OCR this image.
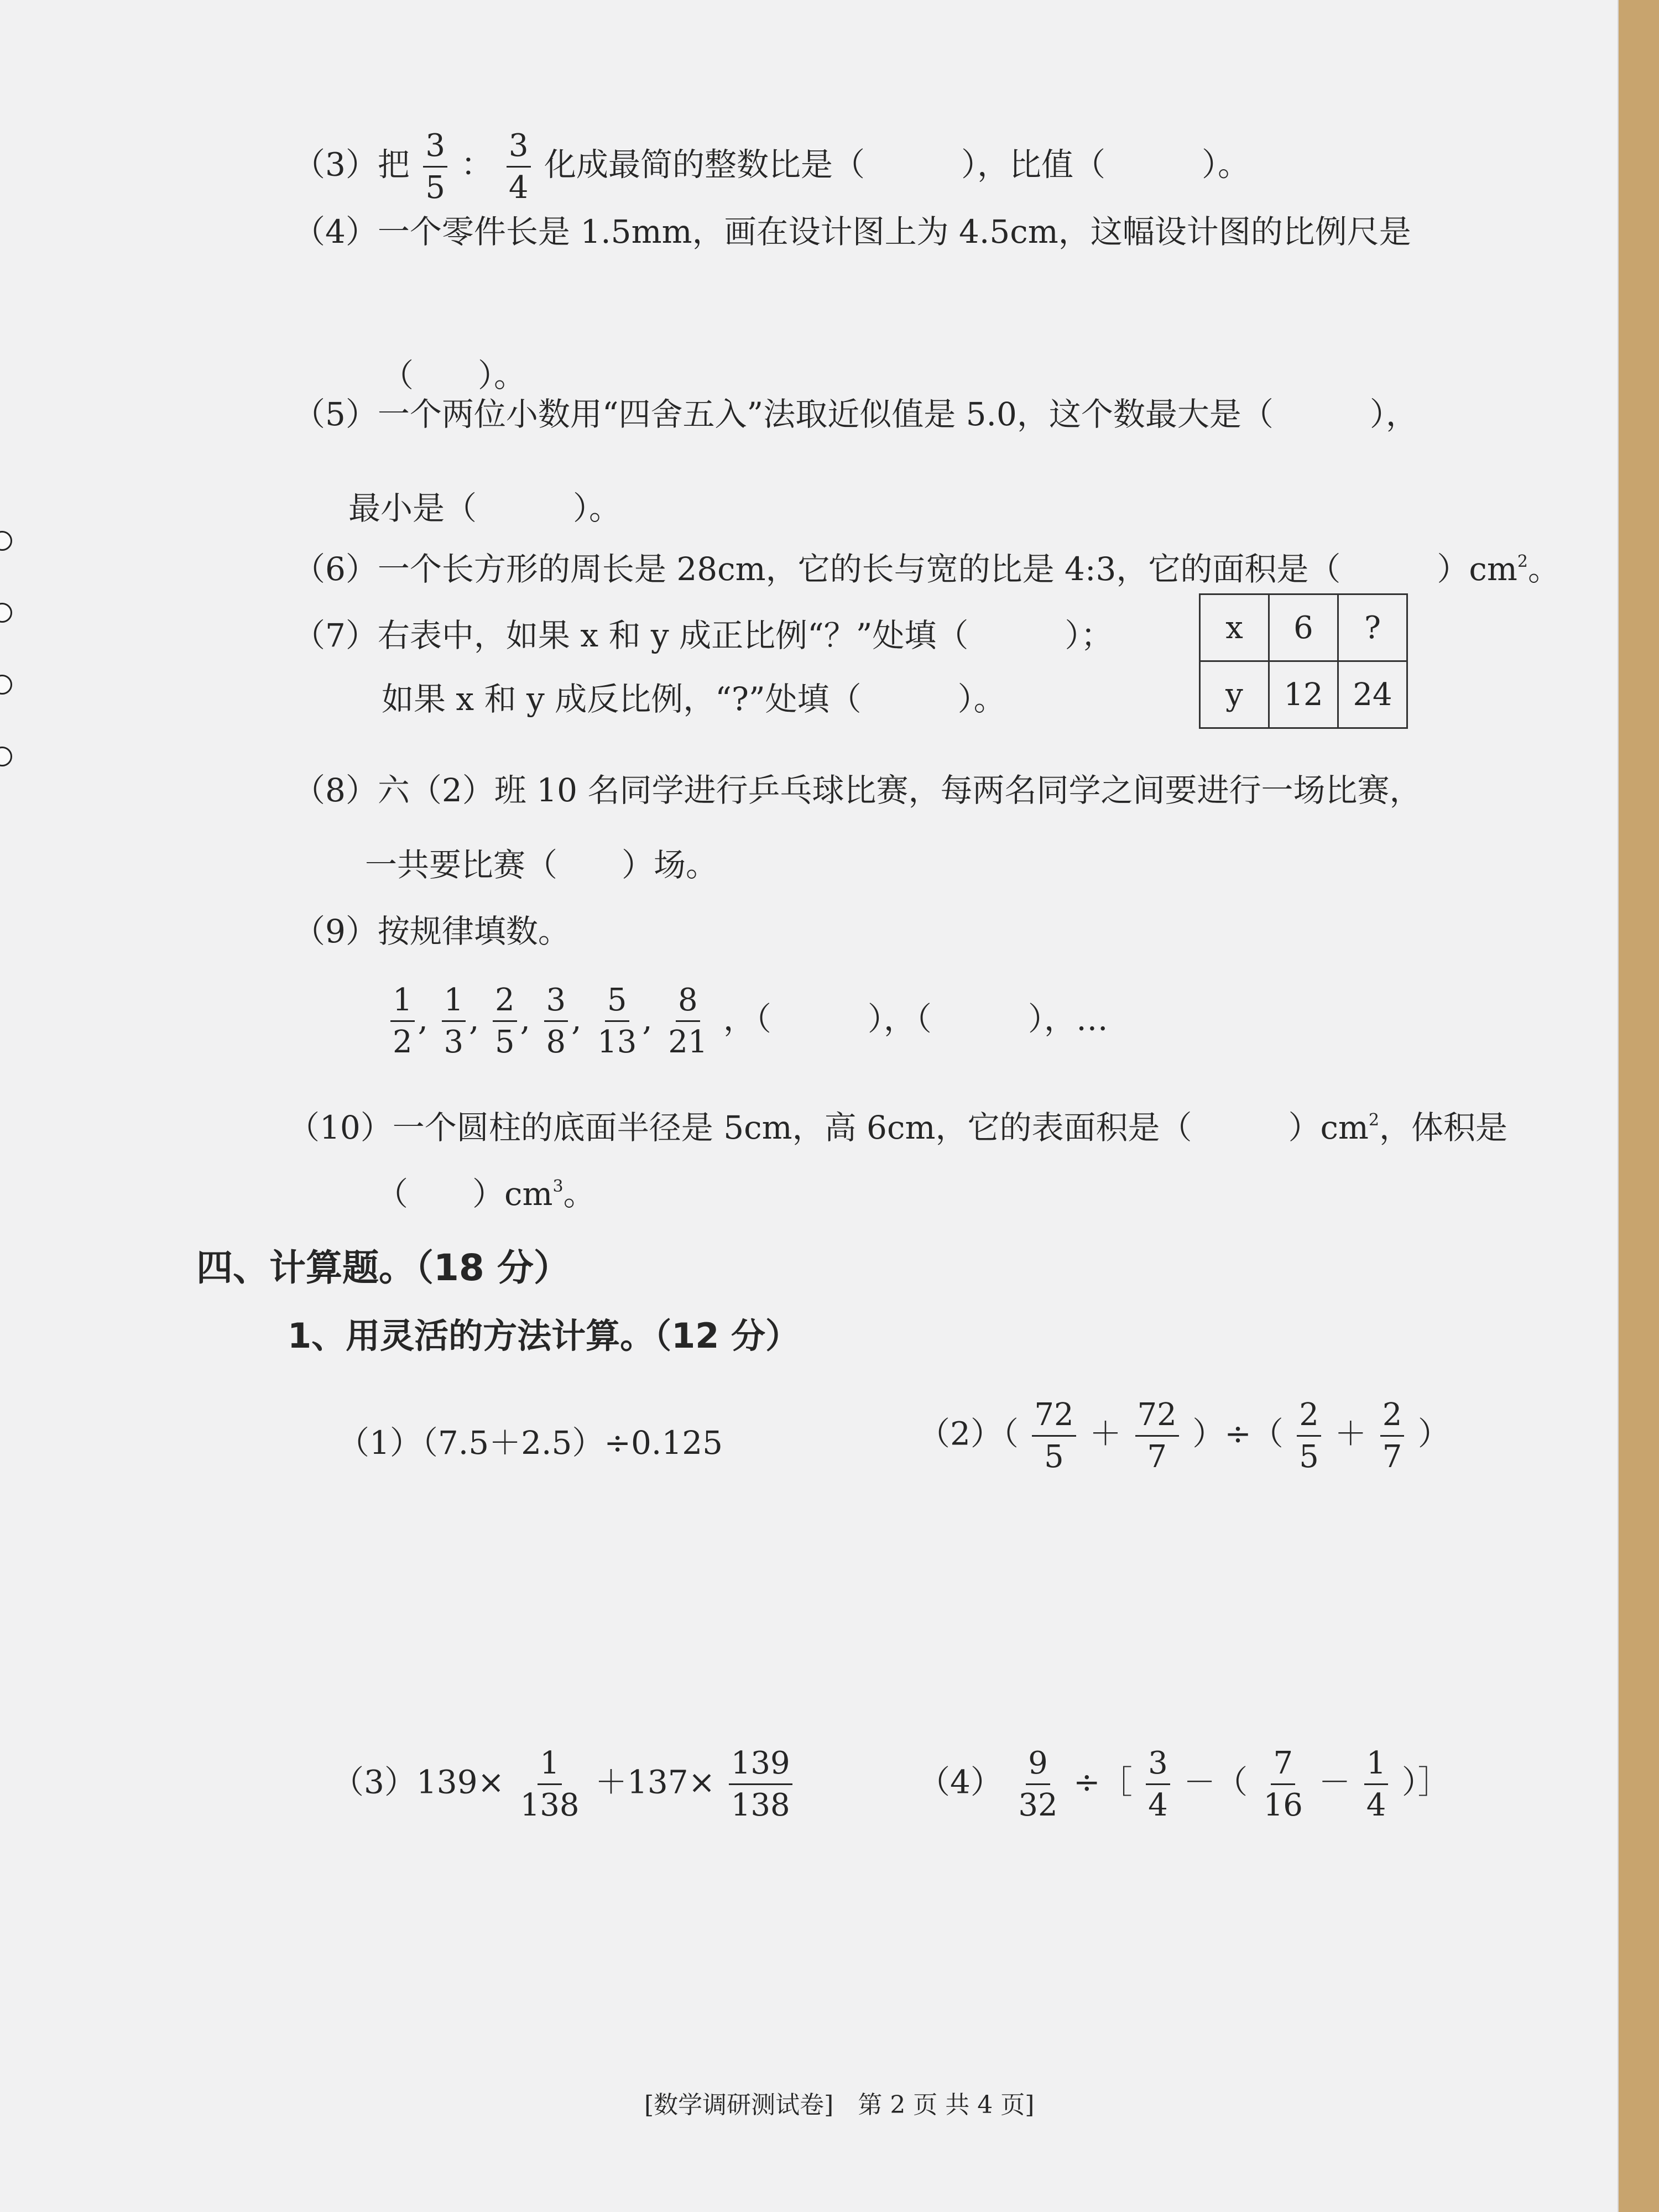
（3）把 $\frac{3}{5}$ ： $\frac{3}{4}$ 化成最简的整数比是（　　　），比值（　　　）。
（4）一个零件长是 1.5mm，画在设计图上为 4.5cm，这幅设计图的比例尺是
（　　）。
（5）一个两位小数用“四舍五入”法取近似值是 5.0，这个数最大是（　　　），
最小是（　　　）。
（6）一个长方形的周长是 28cm，它的长与宽的比是 4:3，它的面积是（　　　）$cm^2$。
（7）右表中，如果 x 和 y 成正比例“？”处填（　　　）；
如果 x 和 y 成反比例，“?”处填（　　　）。
x	6	?
y	12	24
（8）六（2）班 10 名同学进行乒乓球比赛，每两名同学之间要进行一场比赛，
一共要比赛（　　）场。
（9）按规律填数。
$\frac{1}{2}$ , $\frac{1}{3}$ , $\frac{2}{5}$ , $\frac{3}{8}$ , $\frac{5}{13}$ , $\frac{8}{21}$ ，（　　　），（　　　），…
（10）一个圆柱的底面半径是 5cm，高 6cm，它的表面积是（　　　）$cm^2$，体积是
（　　）$cm^3$。
四、计算题。（18 分）
1、用灵活的方法计算。（12 分）
（1）（7.5＋2.5）÷0.125	$(2)( \frac{72}{5} + \frac{72}{7}$ ）÷（ $\frac{2}{5} + \frac{2}{7}$ ）
$(3)139\times \frac{1}{138} +137\times \frac{139}{138}$	$(4) \frac{9}{32}$ ÷［ $\frac{3}{4}$ －（ $\frac{7}{16} - \frac{1}{4}$ ）］
[数学调研测试卷]　第 2 页 共 4 页]
